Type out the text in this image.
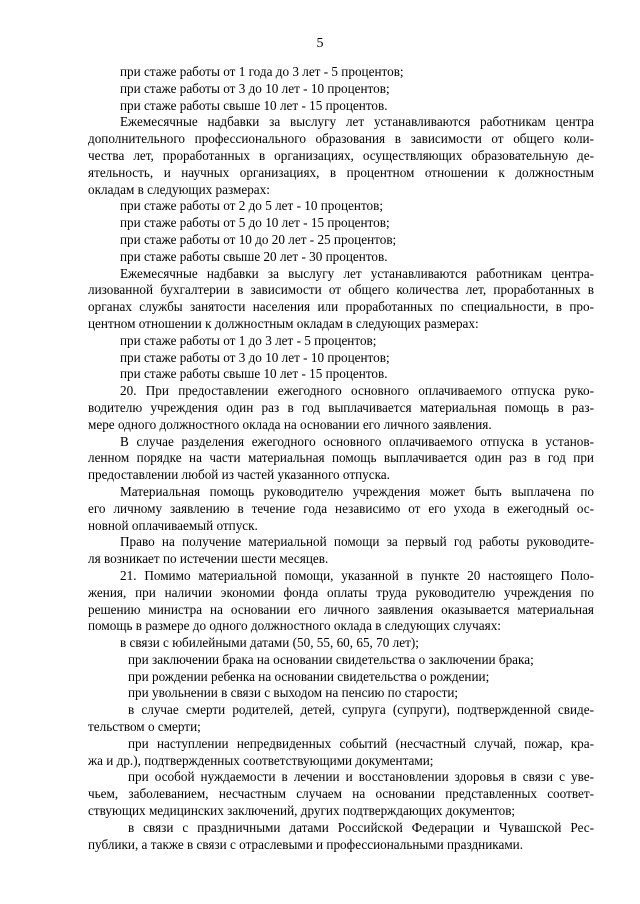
5
при стаже работы от 1 года до 3 лет - 5 процентов;
при стаже работы от 3 до 10 лет - 10 процентов;
при стаже работы свыше 10 лет - 15 процентов.
Ежемесячные надбавки за выслугу лет устанавливаются работникам центра
дополнительного профессионального образования в зависимости от общего коли-
чества лет, проработанных в организациях, осуществляющих образовательную де-
ятельность, и научных организациях, в процентном отношении к должностным
окладам в следующих размерах:
при стаже работы от 2 до 5 лет - 10 процентов;
при стаже работы от 5 до 10 лет - 15 процентов;
при стаже работы от 10 до 20 лет - 25 процентов;
при стаже работы свыше 20 лет - 30 процентов.
Ежемесячные надбавки за выслугу лет устанавливаются работникам центра-
лизованной бухгалтерии в зависимости от общего количества лет, проработанных в
органах службы занятости населения или проработанных по специальности, в про-
центном отношении к должностным окладам в следующих размерах:
при стаже работы от 1 до 3 лет - 5 процентов;
при стаже работы от 3 до 10 лет - 10 процентов;
при стаже работы свыше 10 лет - 15 процентов.
20. При предоставлении ежегодного основного оплачиваемого отпуска руко-
водителю учреждения один раз в год выплачивается материальная помощь в раз-
мере одного должностного оклада на основании его личного заявления.
В случае разделения ежегодного основного оплачиваемого отпуска в установ-
ленном порядке на части материальная помощь выплачивается один раз в год при
предоставлении любой из частей указанного отпуска.
Материальная помощь руководителю учреждения может быть выплачена по
его личному заявлению в течение года независимо от его ухода в ежегодный ос-
новной оплачиваемый отпуск.
Право на получение материальной помощи за первый год работы руководите-
ля возникает по истечении шести месяцев.
21. Помимо материальной помощи, указанной в пункте 20 настоящего Поло-
жения, при наличии экономии фонда оплаты труда руководителю учреждения по
решению министра на основании его личного заявления оказывается материальная
помощь в размере до одного должностного оклада в следующих случаях:
в связи с юбилейными датами (50, 55, 60, 65, 70 лет);
при заключении брака на основании свидетельства о заключении брака;
при рождении ребенка на основании свидетельства о рождении;
при увольнении в связи с выходом на пенсию по старости;
в случае смерти родителей, детей, супруга (супруги), подтвержденной свиде-
тельством о смерти;
при наступлении непредвиденных событий (несчастный случай, пожар, кра-
жа и др.), подтвержденных соответствующими документами;
при особой нуждаемости в лечении и восстановлении здоровья в связи с уве-
чьем, заболеванием, несчастным случаем на основании представленных соответ-
ствующих медицинских заключений, других подтверждающих документов;
в связи с праздничными датами Российской Федерации и Чувашской Рес-
публики, а также в связи с отраслевыми и профессиональными праздниками.
